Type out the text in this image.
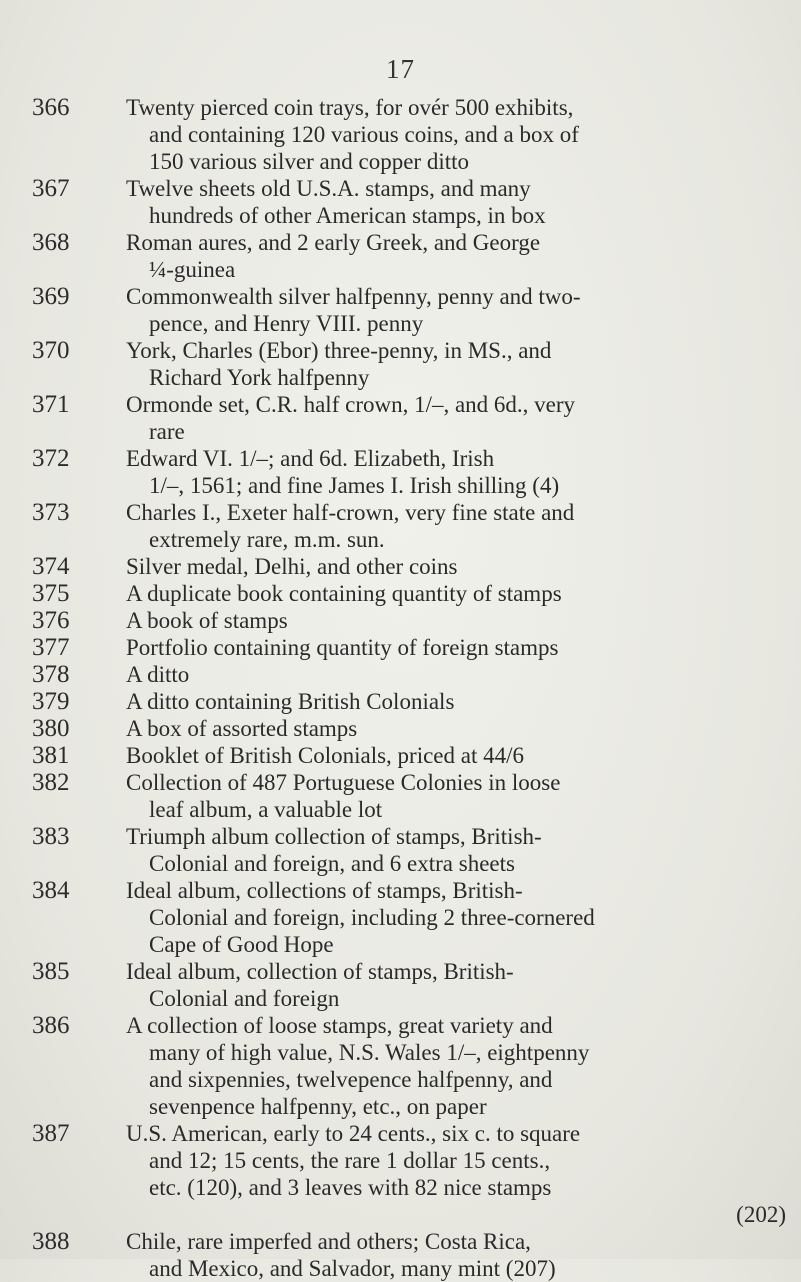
17
366 Twenty pierced coin trays, for ovér 500 exhibits,
and containing 120 various coins, and a box of
150 various silver and copper ditto
367 Twelve sheets old U.S.A. stamps, and many
hundreds of other American stamps, in box
368 Roman aures, and 2 early Greek, and George
¼-guinea
369 Commonwealth silver halfpenny, penny and two-
pence, and Henry VIII. penny
370 York, Charles (Ebor) three-penny, in MS., and
Richard York halfpenny
371 Ormonde set, C.R. half crown, 1/–, and 6d., very
rare
372 Edward VI. 1/–; and 6d. Elizabeth, Irish
1/–, 1561; and fine James I. Irish shilling (4)
373 Charles I., Exeter half-crown, very fine state and
extremely rare, m.m. sun.
374 Silver medal, Delhi, and other coins
375 A duplicate book containing quantity of stamps
376 A book of stamps
377 Portfolio containing quantity of foreign stamps
378 A ditto
379 A ditto containing British Colonials
380 A box of assorted stamps
381 Booklet of British Colonials, priced at 44/6
382 Collection of 487 Portuguese Colonies in loose
leaf album, a valuable lot
383 Triumph album collection of stamps, British-
Colonial and foreign, and 6 extra sheets
384 Ideal album, collections of stamps, British-
Colonial and foreign, including 2 three-cornered
Cape of Good Hope
385 Ideal album, collection of stamps, British-
Colonial and foreign
386 A collection of loose stamps, great variety and
many of high value, N.S. Wales 1/–, eightpenny
and sixpennies, twelvepence halfpenny, and
sevenpence halfpenny, etc., on paper
387 U.S. American, early to 24 cents., six c. to square
and 12; 15 cents, the rare 1 dollar 15 cents.,
etc. (120), and 3 leaves with 82 nice stamps
(202)
388 Chile, rare imperfed and others; Costa Rica,
and Mexico, and Salvador, many mint (207)
